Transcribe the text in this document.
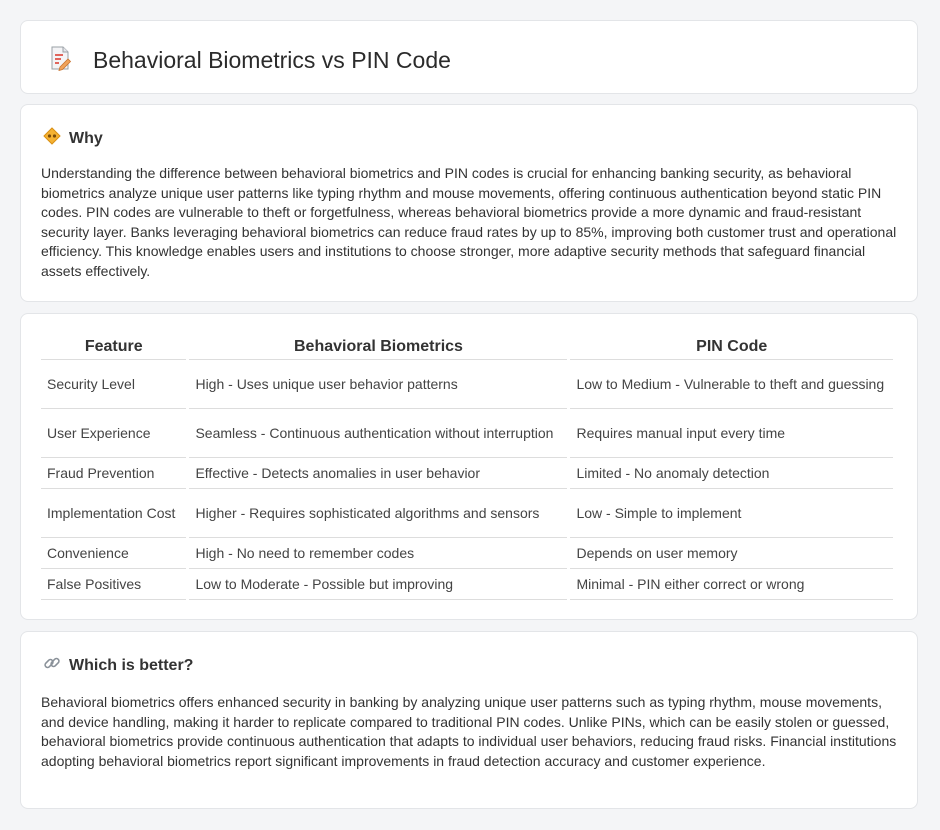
Behavioral Biometrics vs PIN Code
Why

Understanding the difference between behavioral biometrics and PIN codes is crucial for enhancing banking security, as behavioral biometrics analyze unique user patterns like typing rhythm and mouse movements, offering continuous authentication beyond static PIN codes. PIN codes are vulnerable to theft or forgetfulness, whereas behavioral biometrics provide a more dynamic and fraud-resistant security layer. Banks leveraging behavioral biometrics can reduce fraud rates by up to 85%, improving both customer trust and operational efficiency. This knowledge enables users and institutions to choose stronger, more adaptive security methods that safeguard financial assets effectively.

Feature	Behavioral Biometrics	PIN Code
Security Level	High - Uses unique user behavior patterns	Low to Medium - Vulnerable to theft and guessing
User Experience	Seamless - Continuous authentication without interruption	Requires manual input every time
Fraud Prevention	Effective - Detects anomalies in user behavior	Limited - No anomaly detection
Implementation Cost	Higher - Requires sophisticated algorithms and sensors	Low - Simple to implement
Convenience	High - No need to remember codes	Depends on user memory
False Positives	Low to Moderate - Possible but improving	Minimal - PIN either correct or wrong
Which is better?

Behavioral biometrics offers enhanced security in banking by analyzing unique user patterns such as typing rhythm, mouse movements, and device handling, making it harder to replicate compared to traditional PIN codes. Unlike PINs, which can be easily stolen or guessed, behavioral biometrics provide continuous authentication that adapts to individual user behaviors, reducing fraud risks. Financial institutions adopting behavioral biometrics report significant improvements in fraud detection accuracy and customer experience.
